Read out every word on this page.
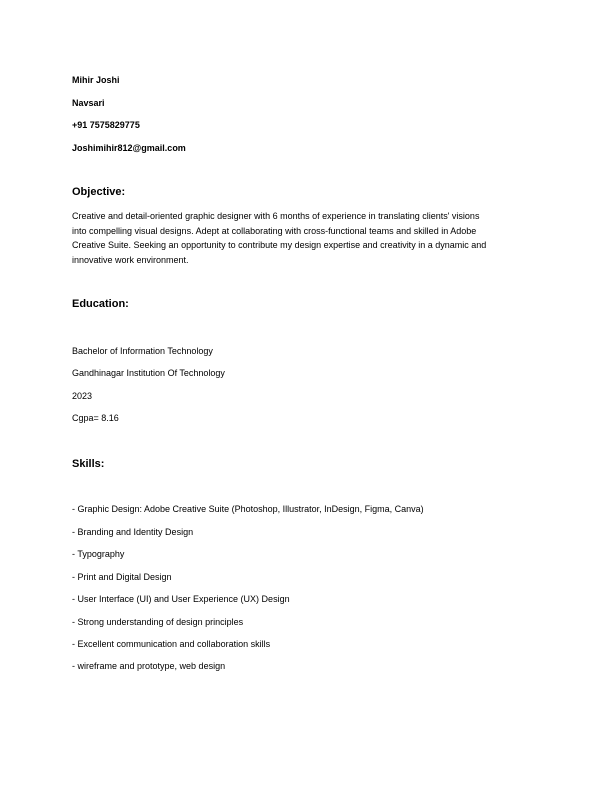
Mihir Joshi

Navsari

+91 7575829775

Joshimihir812@gmail.com

Objective:

Creative and detail-oriented graphic designer with 6 months of experience in translating clients' visions
into compelling visual designs. Adept at collaborating with cross-functional teams and skilled in Adobe
Creative Suite. Seeking an opportunity to contribute my design expertise and creativity in a dynamic and
innovative work environment.

Education:

Bachelor of Information Technology

Gandhinagar Institution Of Technology

2023

Cgpa= 8.16

Skills:

- Graphic Design: Adobe Creative Suite (Photoshop, Illustrator, InDesign, Figma, Canva)

- Branding and Identity Design

- Typography

- Print and Digital Design

- User Interface (UI) and User Experience (UX) Design

- Strong understanding of design principles

- Excellent communication and collaboration skills

- wireframe and prototype, web design
